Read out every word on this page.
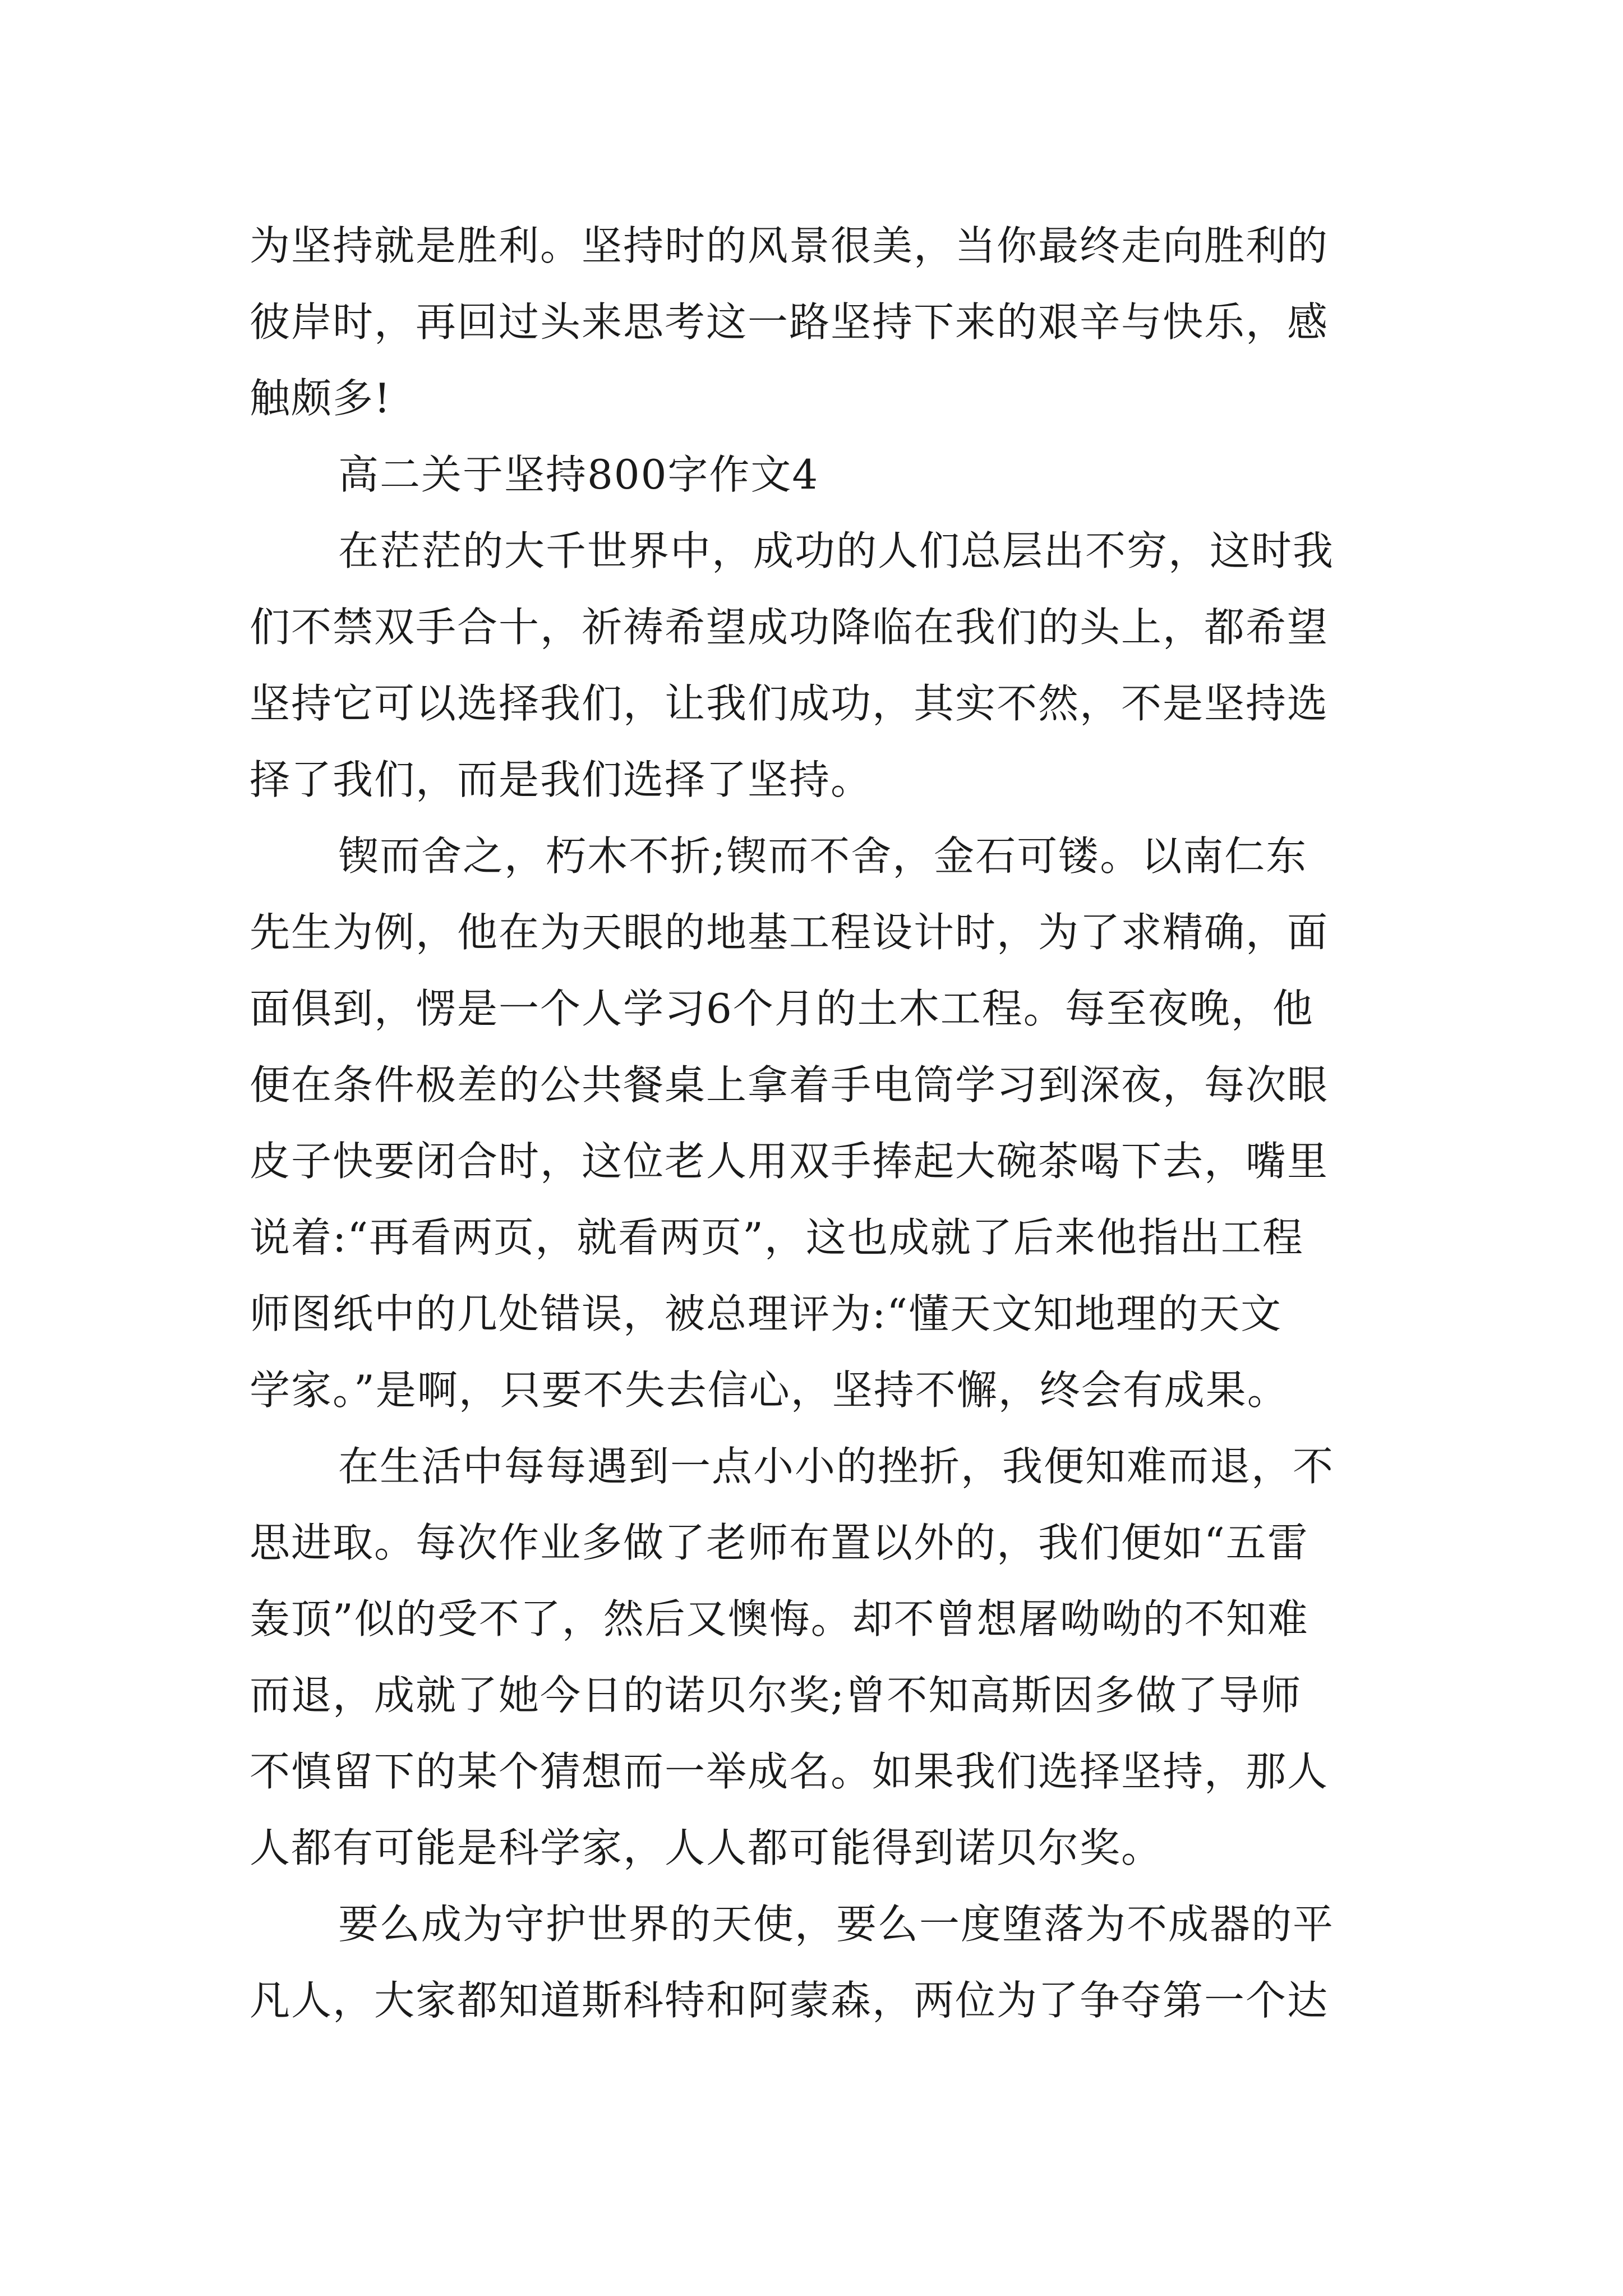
为坚持就是胜利。坚持时的风景很美，当你最终走向胜利的
彼岸时，再回过头来思考这一路坚持下来的艰辛与快乐，感
触颇多!
高二关于坚持800字作文4
在茫茫的大千世界中，成功的人们总层出不穷，这时我
们不禁双手合十，祈祷希望成功降临在我们的头上，都希望
坚持它可以选择我们，让我们成功，其实不然，不是坚持选
择了我们，而是我们选择了坚持。
锲而舍之，朽木不折;锲而不舍，金石可镂。以南仁东
先生为例，他在为天眼的地基工程设计时，为了求精确，面
面俱到，愣是一个人学习6个月的土木工程。每至夜晚，他
便在条件极差的公共餐桌上拿着手电筒学习到深夜，每次眼
皮子快要闭合时，这位老人用双手捧起大碗茶喝下去，嘴里
说着:“再看两页，就看两页”，这也成就了后来他指出工程
师图纸中的几处错误，被总理评为:“懂天文知地理的天文
学家。”是啊，只要不失去信心，坚持不懈，终会有成果。
在生活中每每遇到一点小小的挫折，我便知难而退，不
思进取。每次作业多做了老师布置以外的，我们便如“五雷
轰顶”似的受不了，然后又懊悔。却不曾想屠呦呦的不知难
而退，成就了她今日的诺贝尔奖;曾不知高斯因多做了导师
不慎留下的某个猜想而一举成名。如果我们选择坚持，那人
人都有可能是科学家，人人都可能得到诺贝尔奖。
要么成为守护世界的天使，要么一度堕落为不成器的平
凡人，大家都知道斯科特和阿蒙森，两位为了争夺第一个达
